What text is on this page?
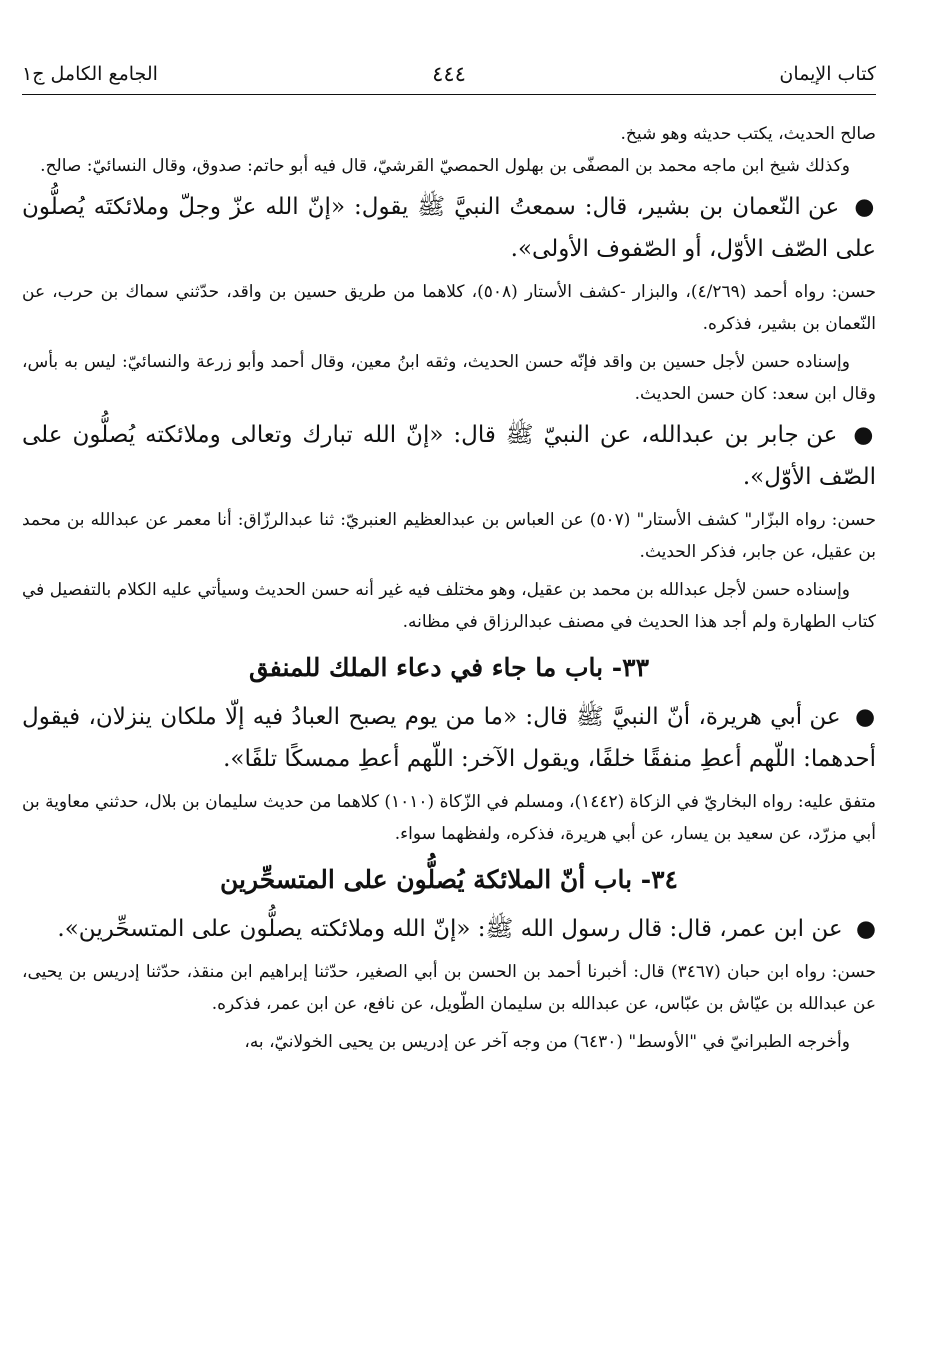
كتاب الإيمان
٤٤٤
الجامع الكامل ج١

صالح الحديث، يكتب حديثه وهو شيخ.

وكذلك شيخ ابن ماجه محمد بن المصفّى بن بهلول الحمصيّ القرشيّ، قال فيه أبو حاتم: صدوق، وقال النسائيّ: صالح.

● عن النّعمان بن بشير، قال: سمعتُ النبيَّ ﷺ يقول: «إنّ الله عزّ وجلّ وملائكتَه يُصلُّون على الصّف الأوّل، أو الصّفوف الأولى».

حسن: رواه أحمد (٤/٢٦٩)، والبزار -كشف الأستار (٥٠٨)، كلاهما من طريق حسين بن واقد، حدّثني سماك بن حرب، عن النّعمان بن بشير، فذكره.

وإسناده حسن لأجل حسين بن واقد فإنّه حسن الحديث، وثقه ابنُ معين، وقال أحمد وأبو زرعة والنسائيّ: ليس به بأس، وقال ابن سعد: كان حسن الحديث.

● عن جابر بن عبدالله، عن النبيّ ﷺ قال: «إنّ الله تبارك وتعالى وملائكته يُصلُّون على الصّف الأوّل».

حسن: رواه البزّار" كشف الأستار" (٥٠٧) عن العباس بن عبدالعظيم العنبريّ: ثنا عبدالرزّاق: أنا معمر عن عبدالله بن محمد بن عقيل، عن جابر، فذكر الحديث.

وإسناده حسن لأجل عبدالله بن محمد بن عقيل، وهو مختلف فيه غير أنه حسن الحديث وسيأتي عليه الكلام بالتفصيل في كتاب الطهارة ولم أجد هذا الحديث في مصنف عبدالرزاق في مظانه.

٣٣- باب ما جاء في دعاء الملك للمنفق

● عن أبي هريرة، أنّ النبيَّ ﷺ قال: «ما من يوم يصبح العبادُ فيه إلّا ملكان ينزلان، فيقول أحدهما: اللّهم أعطِ منفقًا خلفًا، ويقول الآخر: اللّهم أعطِ ممسكًا تلفًا».

متفق عليه: رواه البخاريّ في الزكاة (١٤٤٢)، ومسلم في الزّكاة (١٠١٠) كلاهما من حديث سليمان بن بلال، حدثني معاوية بن أبي مزرّد، عن سعيد بن يسار، عن أبي هريرة، فذكره، ولفظهما سواء.

٣٤- باب أنّ الملائكة يُصلُّون على المتسحِّرين

● عن ابن عمر، قال: قال رسول الله ﷺ: «إنّ الله وملائكته يصلُّون على المتسحِّرين».

حسن: رواه ابن حبان (٣٤٦٧) قال: أخبرنا أحمد بن الحسن بن أبي الصغير، حدّثنا إبراهيم ابن منقذ، حدّثنا إدريس بن يحيى، عن عبدالله بن عيّاش بن عبّاس، عن عبدالله بن سليمان الطّويل، عن نافع، عن ابن عمر، فذكره.

وأخرجه الطبرانيّ في "الأوسط" (٦٤٣٠) من وجه آخر عن إدريس بن يحيى الخولانيّ، به،
